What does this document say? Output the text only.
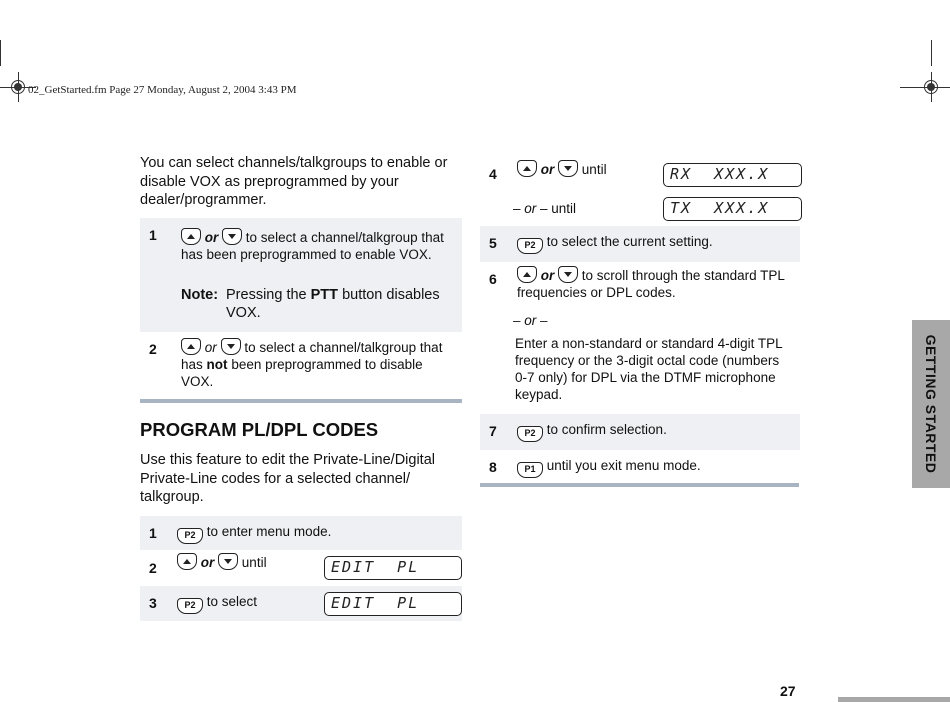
02_GetStarted.fm Page 27 Monday, August 2, 2004 3:43 PM
You can select channels/talkgroups to enable or disable VOX as preprogrammed by your dealer/programmer.
1	or to select a channel/talkgroup that has been preprogrammed to enable VOX.
Note: Pressing the PTT button disables VOX.
2	or to select a channel/talkgroup that has not been preprogrammed to disable VOX.
PROGRAM PL/DPL CODES
Use this feature to edit the Private-Line/Digital Private-Line codes for a selected channel/ talkgroup.
1	P2 to enter menu mode.
2	or until	EDIT  PL
3	P2 to select	EDIT  PL
4	or until	RX  XXX.X
– or – until	TX  XXX.X
5	P2 to select the current setting.
6	or to scroll through the standard TPL frequencies or DPL codes.
– or –
Enter a non-standard or standard 4-digit TPL frequency or the 3-digit octal code (numbers 0-7 only) for DPL via the DTMF microphone keypad.
7	P2 to confirm selection.
8	P1 until you exit menu mode.	GETTING STARTED
27
